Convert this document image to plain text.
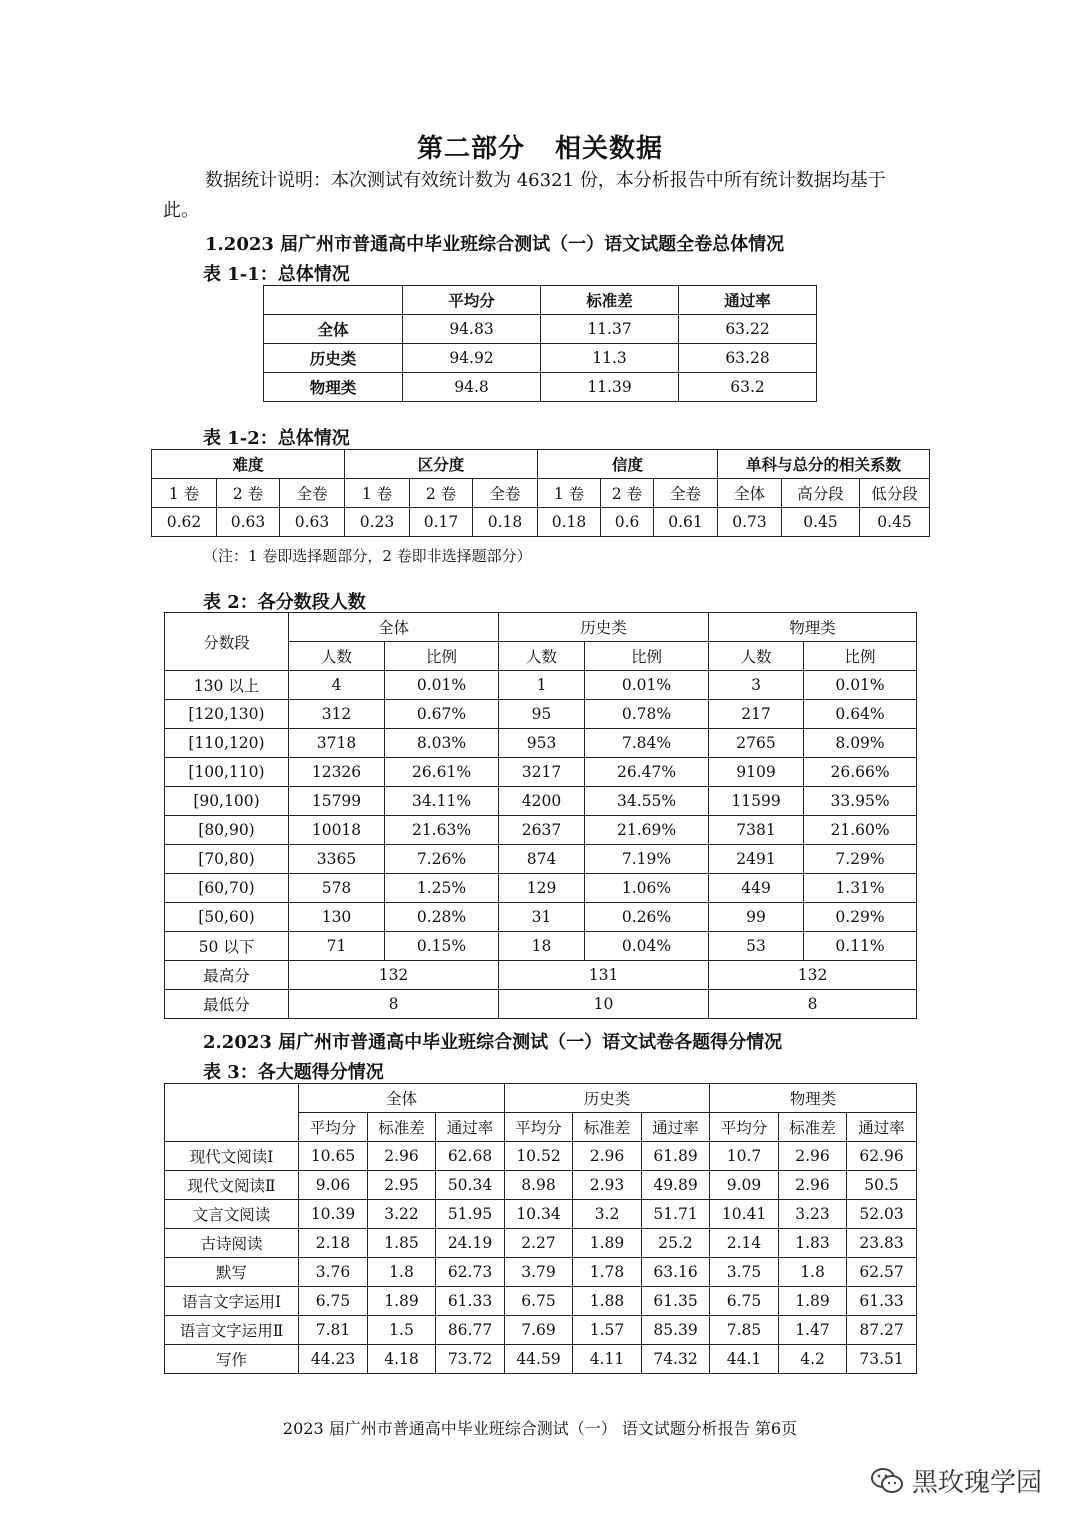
第二部分 相关数据
数据统计说明：本次测试有效统计数为 46321 份，本分析报告中所有统计数据均基于此。
1.2023 届广州市普通高中毕业班综合测试（一）语文试题全卷总体情况
表 1-1：总体情况
	平均分	标准差	通过率
全体	94.83	11.37	63.22
历史类	94.92	11.3	63.28
物理类	94.8	11.39	63.2
表 1-2：总体情况
难度			区分度			信度			单科与总分的相关系数		
1 卷	2 卷	全卷	1 卷	2 卷	全卷	1 卷	2 卷	全卷	全体	高分段	低分段
0.62	0.63	0.63	0.23	0.17	0.18	0.18	0.6	0.61	0.73	0.45	0.45
（注：1 卷即选择题部分，2 卷即非选择题部分）
表 2：各分数段人数
分数段	全体		历史类		物理类	
	人数	比例	人数	比例	人数	比例
130 以上	4	0.01%	1	0.01%	3	0.01%
[120,130)	312	0.67%	95	0.78%	217	0.64%
[110,120)	3718	8.03%	953	7.84%	2765	8.09%
[100,110)	12326	26.61%	3217	26.47%	9109	26.66%
[90,100)	15799	34.11%	4200	34.55%	11599	33.95%
[80,90)	10018	21.63%	2637	21.69%	7381	21.60%
[70,80)	3365	7.26%	874	7.19%	2491	7.29%
[60,70)	578	1.25%	129	1.06%	449	1.31%
[50,60)	130	0.28%	31	0.26%	99	0.29%
50 以下	71	0.15%	18	0.04%	53	0.11%
最高分	132		131		132	
最低分	8		10		8	
2.2023 届广州市普通高中毕业班综合测试（一）语文试卷各题得分情况
表 3：各大题得分情况
	全体			历史类			物理类		
	平均分	标准差	通过率	平均分	标准差	通过率	平均分	标准差	通过率
现代文阅读Ⅰ	10.65	2.96	62.68	10.52	2.96	61.89	10.7	2.96	62.96
现代文阅读Ⅱ	9.06	2.95	50.34	8.98	2.93	49.89	9.09	2.96	50.5
文言文阅读	10.39	3.22	51.95	10.34	3.2	51.71	10.41	3.23	52.03
古诗阅读	2.18	1.85	24.19	2.27	1.89	25.2	2.14	1.83	23.83
默写	3.76	1.8	62.73	3.79	1.78	63.16	3.75	1.8	62.57
语言文字运用Ⅰ	6.75	1.89	61.33	6.75	1.88	61.35	6.75	1.89	61.33
语言文字运用Ⅱ	7.81	1.5	86.77	7.69	1.57	85.39	7.85	1.47	87.27
写作	44.23	4.18	73.72	44.59	4.11	74.32	44.1	4.2	73.51
2023 届广州市普通高中毕业班综合测试（一） 语文试题分析报告 第6页
黑玫瑰学园
